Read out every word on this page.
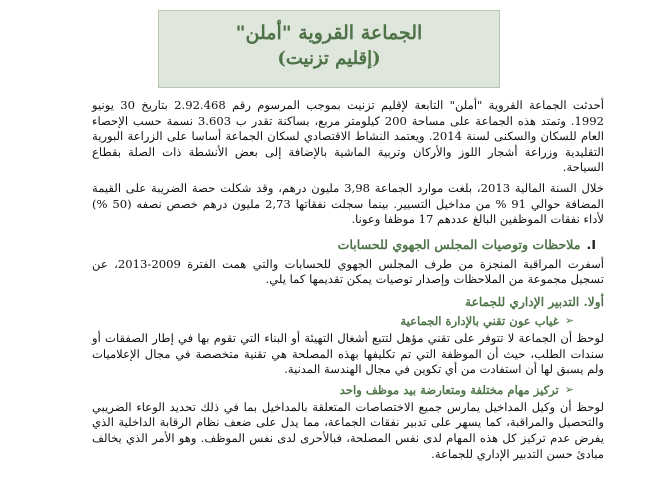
الجماعة القروية "أملن"
(إقليم تزنيت)

أحدثت الجماعة القروية "أملن" التابعة لإقليم تزنيت بموجب المرسوم رقم 2.92.468 بتاريخ 30 يونيو 1992. وتمتد هذه الجماعة على مساحة 200 كيلومتر مربع، بساكنة تقدر ب 3.603 نسمة حسب الإحصاء العام للسكان والسكنى لسنة 2014. ويعتمد النشاط الاقتصادي لسكان الجماعة أساسا على الزراعة البورية التقليدية وزراعة أشجار اللوز والأركان وتربية الماشية بالإضافة إلى بعض الأنشطة ذات الصلة بقطاع السياحة.

خلال السنة المالية 2013، بلغت موارد الجماعة 3,98 مليون درهم، وقد شكلت حصة الضريبة على القيمة المضافة حوالي 91 % من مداخيل التسيير. بينما سجلت نفقاتها 2,73 مليون درهم خصص نصفه (50 %) لأداء نفقات الموظفين البالغ عددهم 17 موظفا وعونا.

I.
ملاحظات وتوصيات المجلس الجهوي للحسابات

أسفرت المراقبة المنجزة من طرف المجلس الجهوي للحسابات والتي همت الفترة 2009-2013، عن تسجيل مجموعة من الملاحظات وإصدار توصيات يمكن تقديمها كما يلي.

أولا. التدبير الإداري للجماعة
➢
غياب عون تقني بالإدارة الجماعية

لوحظ أن الجماعة لا تتوفر على تقني مؤهل لتتبع أشغال التهيئة أو البناء التي تقوم بها في إطار الصفقات أو سندات الطلب، حيث أن الموظفة التي تم تكليفها بهذه المصلحة هي تقنية متخصصة في مجال الإعلاميات ولم يسبق لها أن استفادت من أي تكوين في مجال الهندسة المدنية.

➢
تركيز مهام مختلفة ومتعارضة بيد موظف واحد

لوحظ أن وكيل المداخيل يمارس جميع الاختصاصات المتعلقة بالمداخيل بما في ذلك تحديد الوعاء الضريبي والتحصيل والمراقبة، كما يسهر على تدبير نفقات الجماعة، مما يدل على ضعف نظام الرقابة الداخلية الذي يفرض عدم تركيز كل هذه المهام لدى نفس المصلحة، فبالأحرى لدى نفس الموظف. وهو الأمر الذي يخالف مبادئ حسن التدبير الإداري للجماعة.
